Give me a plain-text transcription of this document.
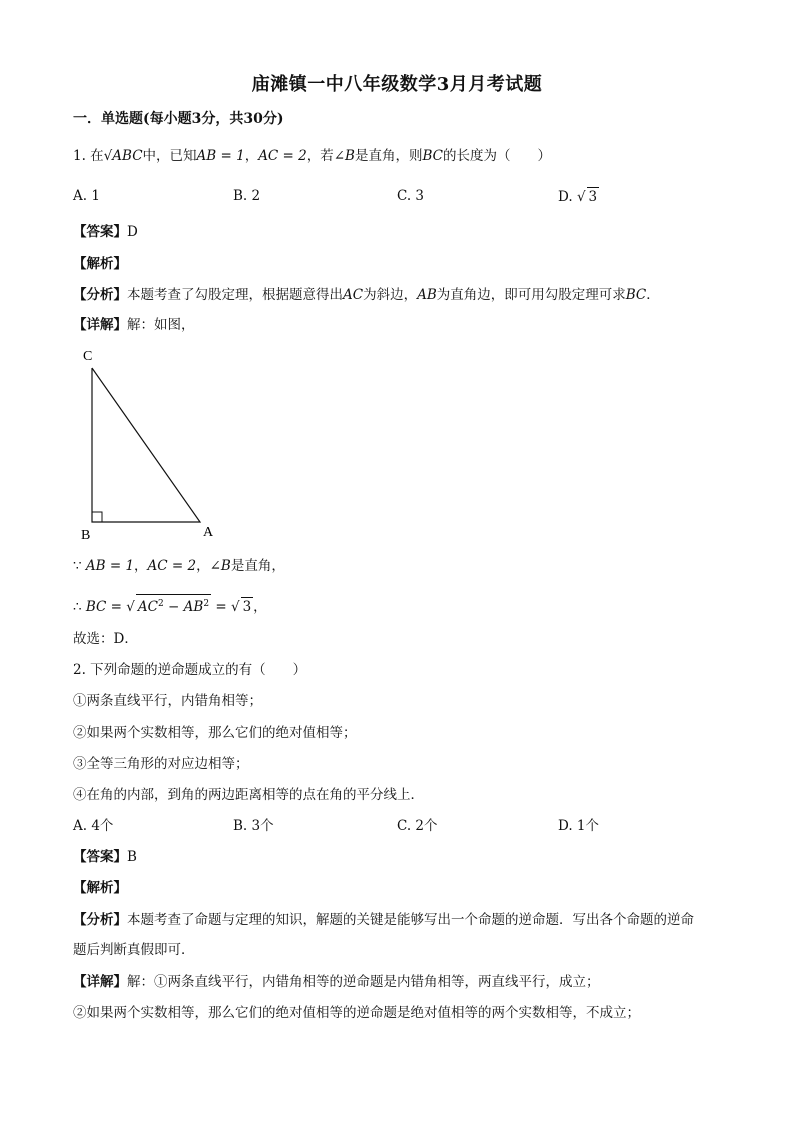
庙滩镇一中八年级数学3月月考试题
一．单选题(每小题3分，共30分)
1. 在√ABC中，已知AB = 1，AC = 2，若∠B是直角，则BC的长度为（　　）
A. 1	B. 2	C. 3	D. √ 3
【答案】D
【解析】
【分析】本题考查了勾股定理，根据题意得出AC为斜边，AB为直角边，即可用勾股定理可求BC．
【详解】解：如图，
C
B	A
∵ AB = 1，AC = 2，∠B是直角，
∴ BC = √ $AC^2 - AB^2$ = √ 3 ，
故选：D．
2. 下列命题的逆命题成立的有（　　）
①两条直线平行，内错角相等；
②如果两个实数相等，那么它们的绝对值相等；
③全等三角形的对应边相等；
④在角的内部，到角的两边距离相等的点在角的平分线上．
A. 4个	B. 3个	C. 2个	D. 1个
【答案】B
【解析】
【分析】本题考查了命题与定理的知识，解题的关键是能够写出一个命题的逆命题．写出各个命题的逆命
题后判断真假即可．
【详解】解：①两条直线平行，内错角相等的逆命题是内错角相等，两直线平行，成立；
②如果两个实数相等，那么它们的绝对值相等的逆命题是绝对值相等的两个实数相等，不成立；
